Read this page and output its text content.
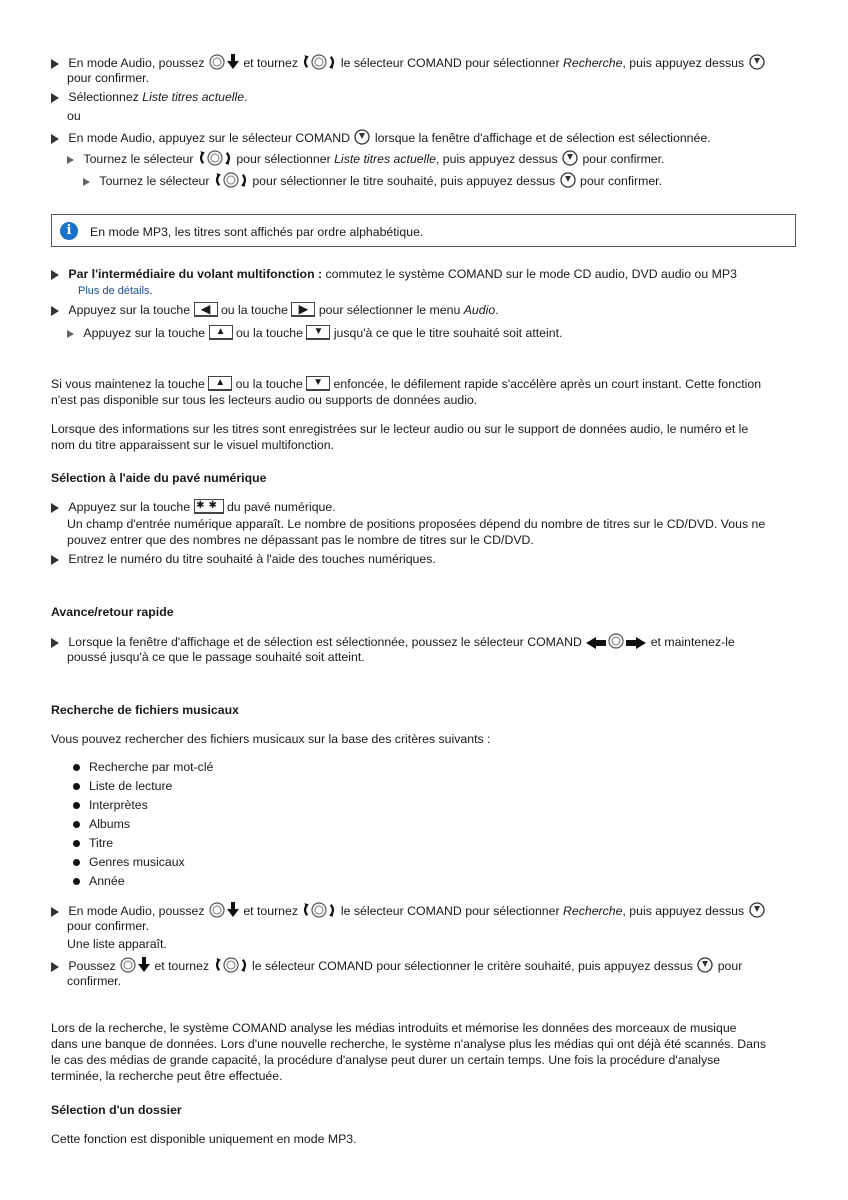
En mode Audio, poussez	et tournez	le sélecteur COMAND pour sélectionner Recherche, puis appuyez dessus
pour confirmer.
Sélectionnez Liste titres actuelle.
ou
En mode Audio, appuyez sur le sélecteur COMAND lorsque la fenêtre d'affichage et de sélection est sélectionnée.
Tournez le sélecteur	pour sélectionner Liste titres actuelle, puis appuyez dessus pour confirmer.
Tournez le sélecteur	pour sélectionner le titre souhaité, puis appuyez dessus pour confirmer.
i	En mode MP3, les titres sont affichés par ordre alphabétique.
Par l'intermédiaire du volant multifonction : commutez le système COMAND sur le mode CD audio, DVD audio ou MP3
Plus de détails.
Appuyez sur la touche ◀ ou la touche ▶ pour sélectionner le menu Audio.
Appuyez sur la touche	▲ ou la touche	▼ jusqu'à ce que le titre souhaité soit atteint.
Si vous maintenez la touche	▲ ou la touche	▼ enfoncée, le défilement rapide s'accélère après un court instant. Cette fonction
n'est pas disponible sur tous les lecteurs audio ou supports de données audio.
Lorsque des informations sur les titres sont enregistrées sur le lecteur audio ou sur le support de données audio, le numéro et le
nom du titre apparaissent sur le visuel multifonction.
Sélection à l'aide du pavé numérique
Appuyez sur la touche ✱✱ du pavé numérique.
Un champ d'entrée numérique apparaît. Le nombre de positions proposées dépend du nombre de titres sur le CD/DVD. Vous ne
pouvez entrer que des nombres ne dépassant pas le nombre de titres sur le CD/DVD.
Entrez le numéro du titre souhaité à l'aide des touches numériques.
Avance/retour rapide
Lorsque la fenêtre d'affichage et de sélection est sélectionnée, poussez le sélecteur COMAND	et maintenez-le
poussé jusqu'à ce que le passage souhaité soit atteint.
Recherche de fichiers musicaux
Vous pouvez rechercher des fichiers musicaux sur la base des critères suivants :
Recherche par mot-clé
Liste de lecture
Interprètes
Albums
Titre
Genres musicaux
Année
En mode Audio, poussez	et tournez	le sélecteur COMAND pour sélectionner Recherche, puis appuyez dessus
pour confirmer.
Une liste apparaît.
Poussez	et tournez	le sélecteur COMAND pour sélectionner le critère souhaité, puis appuyez dessus pour
confirmer.
Lors de la recherche, le système COMAND analyse les médias introduits et mémorise les données des morceaux de musique
dans une banque de données. Lors d'une nouvelle recherche, le système n'analyse plus les médias qui ont déjà été scannés. Dans
le cas des médias de grande capacité, la procédure d'analyse peut durer un certain temps. Une fois la procédure d'analyse
terminée, la recherche peut être effectuée.
Sélection d'un dossier
Cette fonction est disponible uniquement en mode MP3.
